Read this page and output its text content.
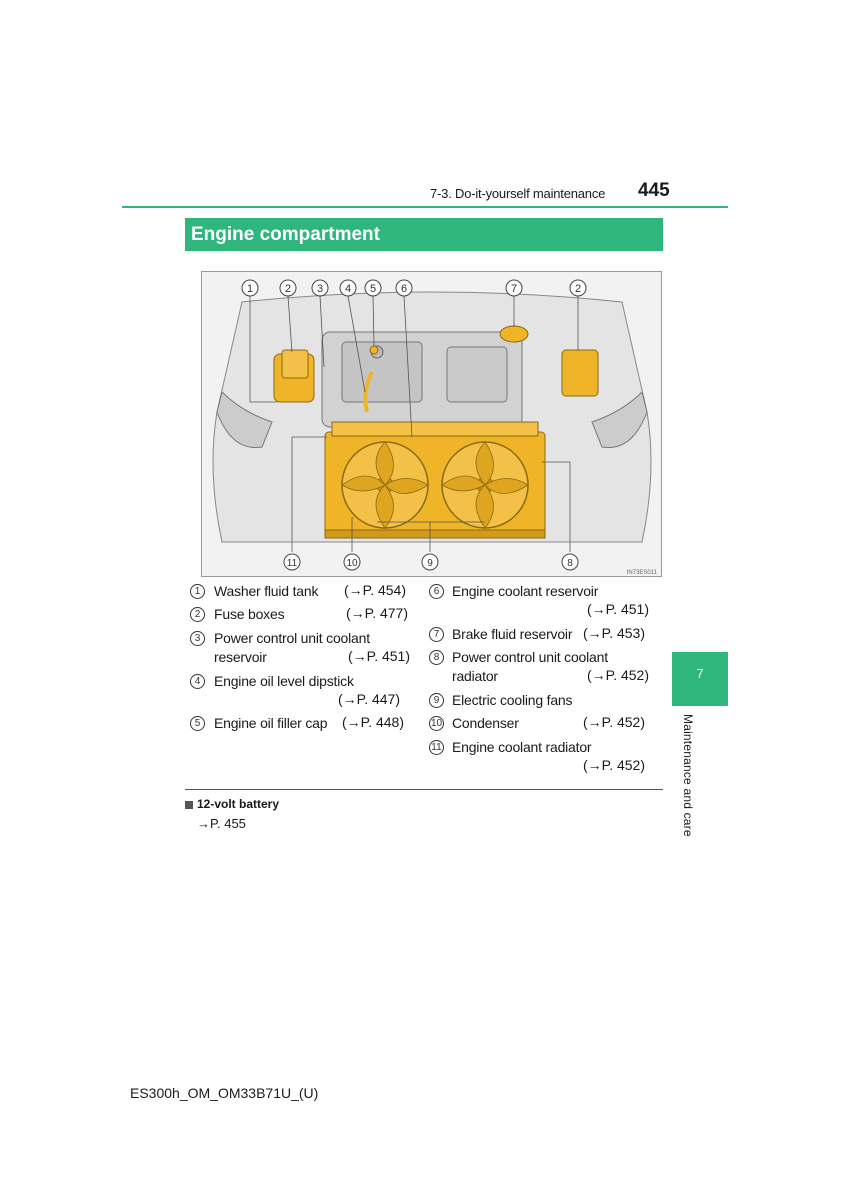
7-3. Do-it-yourself maintenance 445
Engine compartment
1	2 3 4 5 6	7	2
11	10	9	8
IN73ES011
1 Washer fluid tank (→P. 454)
2 Fuse boxes	(→P. 477)
3 Power control unit coolant
reservoir	(→P. 451)
4 Engine oil level dipstick
(→P. 447)
5 Engine oil filler cap (→P. 448)
6 Engine coolant reservoir
(→P. 451)
7 Brake fluid reservoir (→P. 453)
8 Power control unit coolant
radiator	(→P. 452)
9 Electric cooling fans
10 Condenser	(→P. 452)
11 Engine coolant radiator
(→P. 452)
12-volt battery
→P. 455
7
Maintenance and care
ES300h_OM_OM33B71U_(U)
